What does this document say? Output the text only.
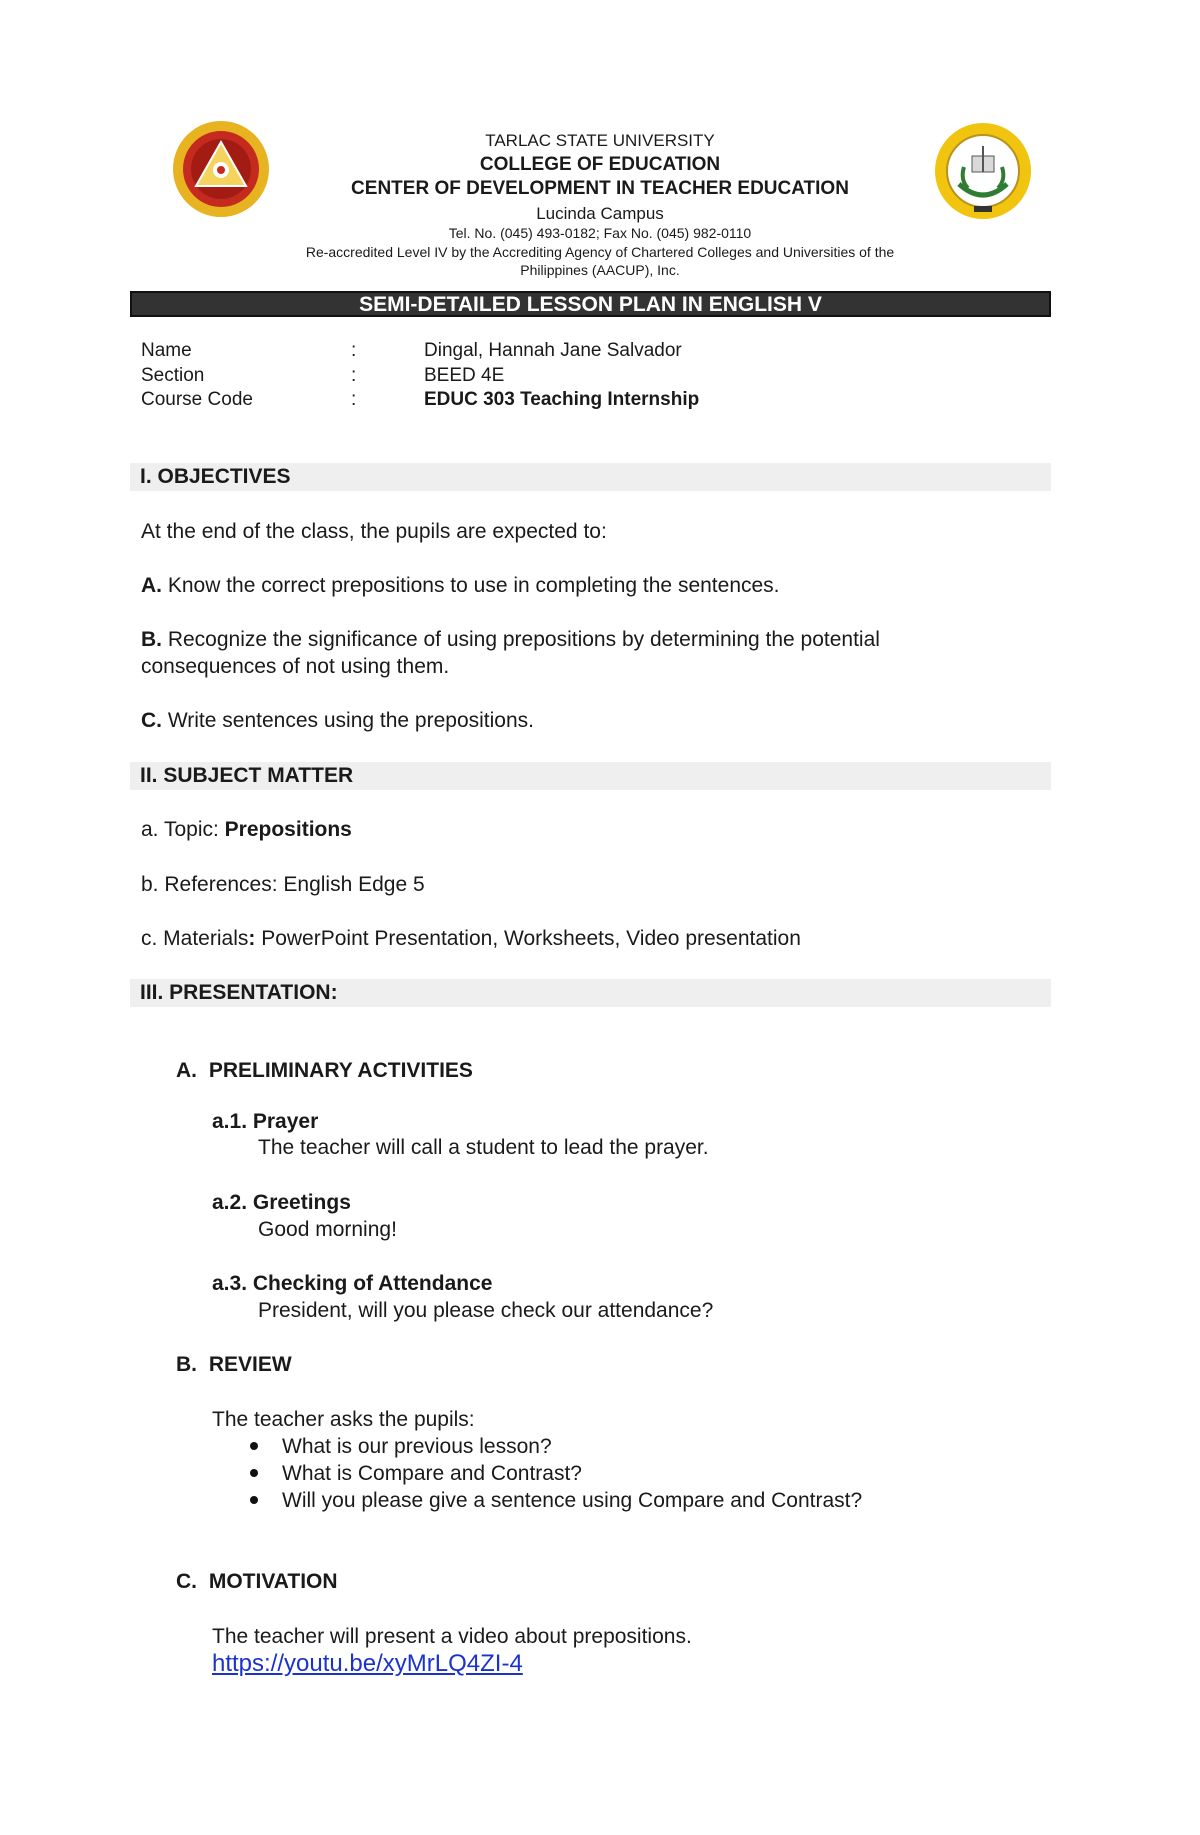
TARLAC STATE UNIVERSITY
COLLEGE OF EDUCATION
CENTER OF DEVELOPMENT IN TEACHER EDUCATION
Lucinda Campus
Tel. No. (045) 493-0182; Fax No. (045) 982-0110
Re-accredited Level IV by the Accrediting Agency of Chartered Colleges and Universities of the
Philippines (AACUP), Inc.
SEMI-DETAILED LESSON PLAN IN ENGLISH V
Name	:	Dingal, Hannah Jane Salvador
Section	:	BEED 4E
Course Code	:	EDUC 303 Teaching Internship
I. OBJECTIVES
At the end of the class, the pupils are expected to:
A. Know the correct prepositions to use in completing the sentences.
B. Recognize the significance of using prepositions by determining the potential
consequences of not using them.
C. Write sentences using the prepositions.
II. SUBJECT MATTER
a. Topic: Prepositions
b. References: English Edge 5
c. Materials: PowerPoint Presentation, Worksheets, Video presentation
III. PRESENTATION:
A. PRELIMINARY ACTIVITIES
a.1. Prayer
The teacher will call a student to lead the prayer.
a.2. Greetings
Good morning!
a.3. Checking of Attendance
President, will you please check our attendance?
B. REVIEW
The teacher asks the pupils:
What is our previous lesson?
What is Compare and Contrast?
Will you please give a sentence using Compare and Contrast?
C. MOTIVATION
The teacher will present a video about prepositions.
https://youtu.be/xyMrLQ4ZI-4
